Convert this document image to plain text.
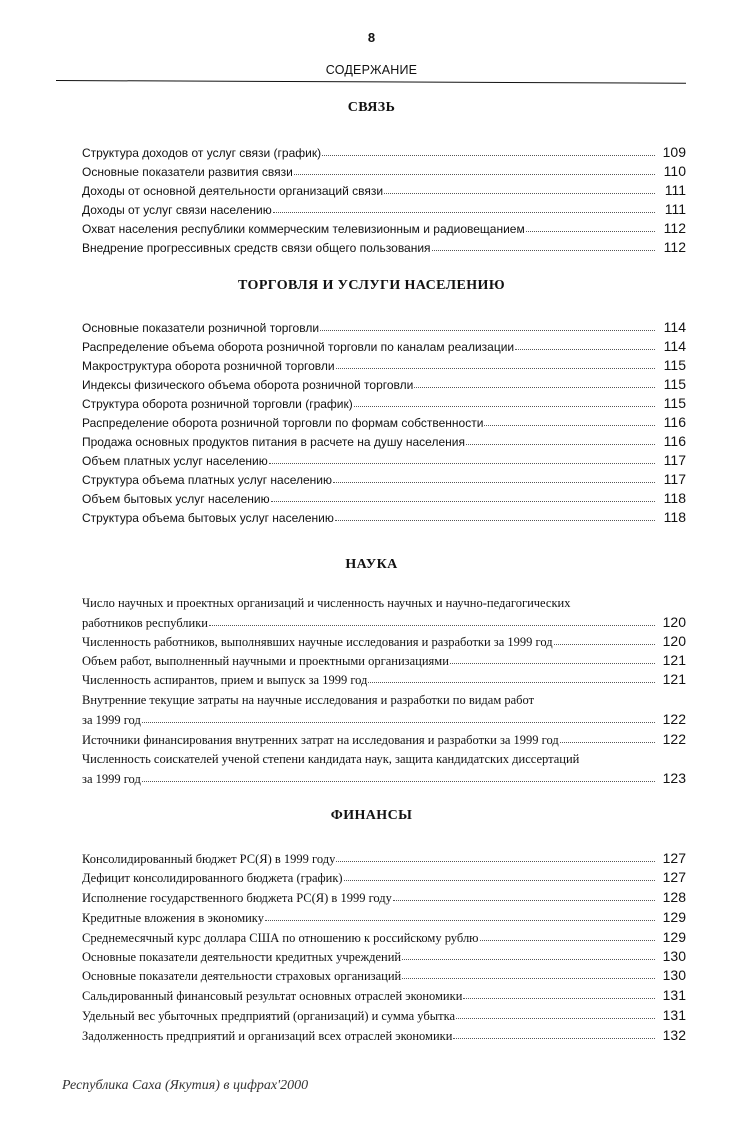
8
СОДЕРЖАНИЕ
СВЯЗЬ
Структура доходов от услуг связи (график)	109
Основные показатели развития связи	110
Доходы от основной деятельности организаций связи	111
Доходы от услуг связи населению	111
Охват населения республики коммерческим телевизионным и радиовещанием	112
Внедрение прогрессивных средств связи общего пользования	112
ТОРГОВЛЯ И УСЛУГИ НАСЕЛЕНИЮ
Основные показатели розничной торговли	114
Распределение объема оборота розничной торговли по каналам реализации	114
Макроструктура оборота розничной торговли	115
Индексы физического объема оборота розничной торговли	115
Структура оборота розничной торговли (график)	115
Распределение оборота розничной торговли по формам собственности	116
Продажа основных продуктов питания в расчете на душу населения	116
Объем платных услуг населению	117
Структура объема платных услуг населению	117
Объем бытовых услуг населению	118
Структура объема бытовых услуг населению	118
НАУКА
Число научных и проектных организаций и численность научных и научно-педагогических
работников республики	120
Численность работников, выполнявших научные исследования и разработки за 1999 год	120
Объем работ, выполненный научными и проектными организациями	121
Численность аспирантов, прием и выпуск за 1999 год	121
Внутренние текущие затраты на научные исследования и разработки по видам работ
за 1999 год	122
Источники финансирования внутренних затрат на исследования и разработки за 1999 год	122
Численность соискателей ученой степени кандидата наук, защита кандидатских диссертаций
за 1999 год	123
ФИНАНСЫ
Консолидированный бюджет РС(Я) в 1999 году	127
Дефицит консолидированного бюджета (график)	127
Исполнение государственного бюджета РС(Я) в 1999 году	128
Кредитные вложения в экономику	129
Среднемесячный курс доллара США по отношению к российскому рублю	129
Основные показатели деятельности кредитных учреждений	130
Основные показатели деятельности страховых организаций	130
Сальдированный финансовый результат основных отраслей экономики	131
Удельный вес убыточных предприятий (организаций) и сумма убытка	131
Задолженность предприятий и организаций всех отраслей экономики	132
Республика Саха (Якутия) в цифрах'2000
